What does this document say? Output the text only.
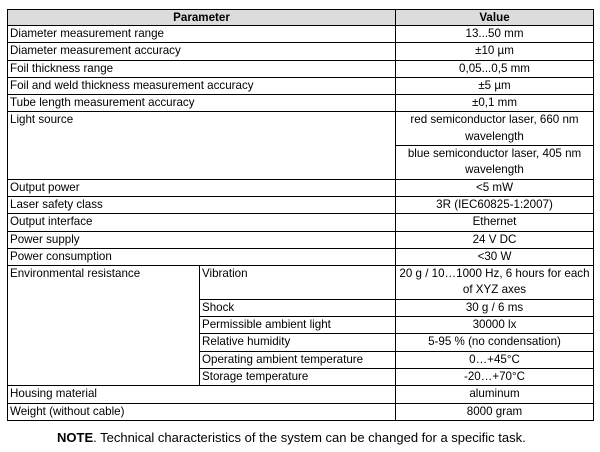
Parameter		Value
Diameter measurement range		13...50 mm
Diameter measurement accuracy		±10 µm
Foil thickness range		0,05...0,5 mm
Foil and weld thickness measurement accuracy		±5 µm
Tube length measurement accuracy		±0,1 mm
Light source		red semiconductor laser, 660 nm wavelength
		blue semiconductor laser, 405 nm wavelength
Output power		<5 mW
Laser safety class		3R (IEC60825-1:2007)
Output interface		Ethernet
Power supply		24 V DC
Power consumption		<30 W
Environmental resistance	Vibration	20 g / 10…1000 Hz, 6 hours for each of XYZ axes
	Shock	30 g / 6 ms
	Permissible ambient light	30000 lx
	Relative humidity	5-95 % (no condensation)
	Operating ambient temperature	0…+45°C
	Storage temperature	-20…+70°C
Housing material		aluminum
Weight (without cable)		8000 gram
NOTE. Technical characteristics of the system can be changed for a specific task.
